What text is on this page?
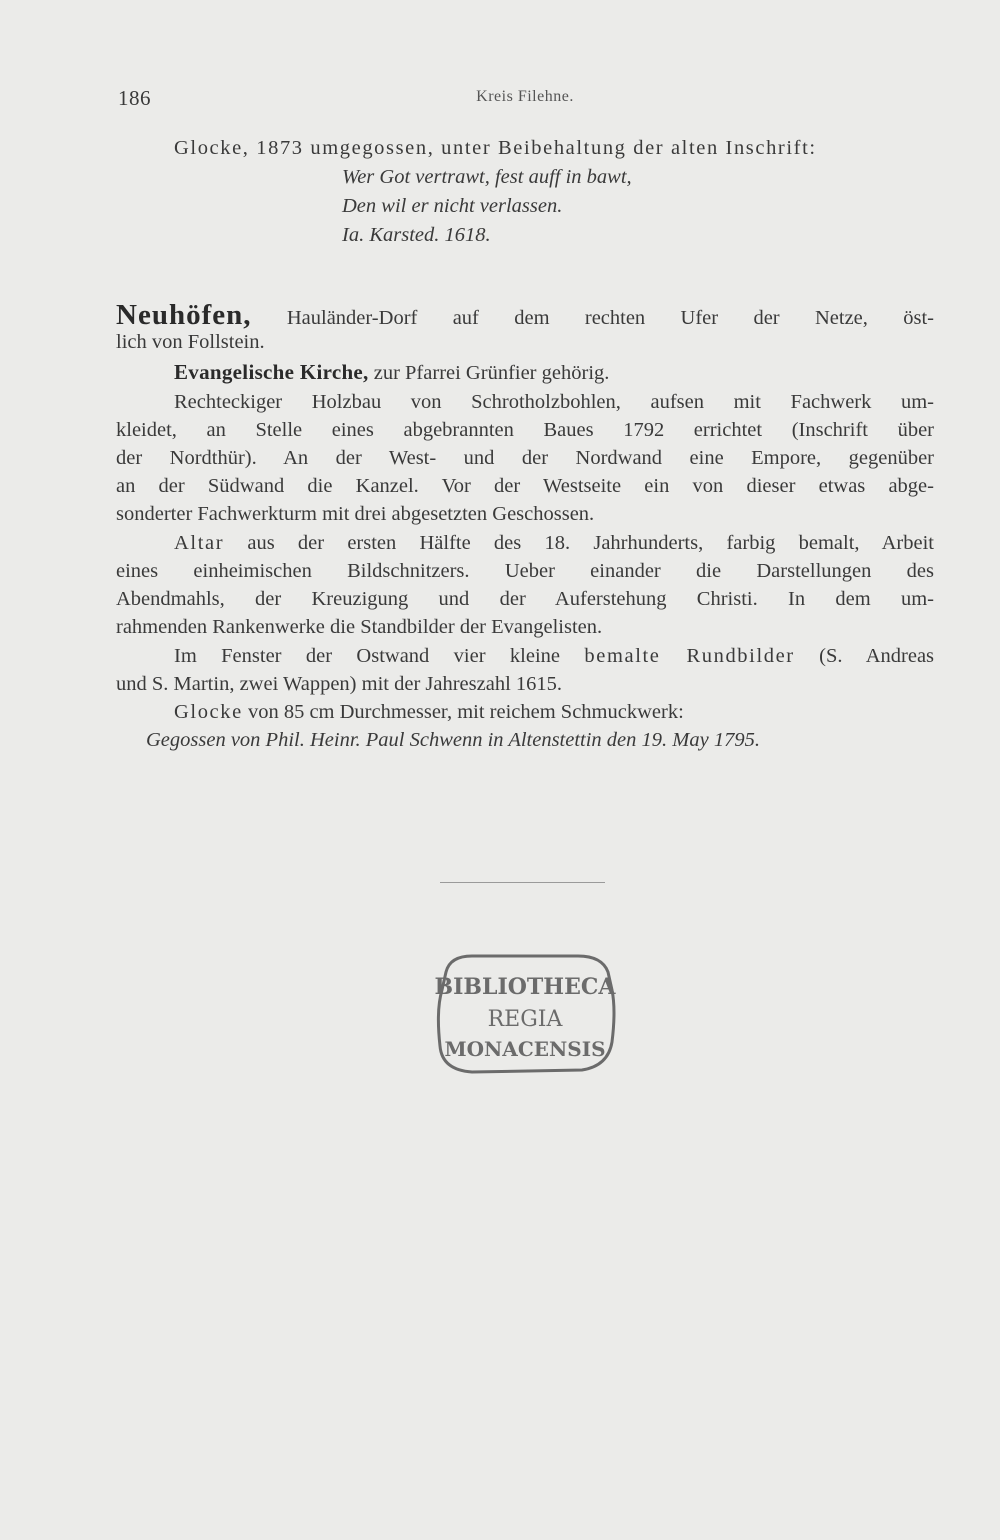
186	Kreis Filehne.
Glocke, 1873 umgegossen, unter Beibehaltung der alten Inschrift:
Wer Got vertrawt, fest auff in bawt,
Den wil er nicht verlassen.
Ia. Karsted. 1618.
Neuhöfen, Hauländer-Dorf auf dem rechten Ufer der Netze, öst-
lich von Follstein.
Evangelische Kirche, zur Pfarrei Grünfier gehörig.
Rechteckiger Holzbau von Schrotholzbohlen, aufsen mit Fachwerk um-
kleidet, an Stelle eines abgebrannten Baues 1792 errichtet (Inschrift über
der Nordthür). An der West- und der Nordwand eine Empore, gegenüber
an der Südwand die Kanzel. Vor der Westseite ein von dieser etwas abge-
sonderter Fachwerkturm mit drei abgesetzten Geschossen.
Altar aus der ersten Hälfte des 18. Jahrhunderts, farbig bemalt, Arbeit
eines einheimischen Bildschnitzers. Ueber einander die Darstellungen des
Abendmahls, der Kreuzigung und der Auferstehung Christi. In dem um-
rahmenden Rankenwerke die Standbilder der Evangelisten.
Im Fenster der Ostwand vier kleine bemalte Rundbilder (S. Andreas
und S. Martin, zwei Wappen) mit der Jahreszahl 1615.
Glocke von 85 cm Durchmesser, mit reichem Schmuckwerk:
Gegossen von Phil. Heinr. Paul Schwenn in Altenstettin den 19. May 1795.
BIBLIOTHECA
REGIA
MONACENSIS
